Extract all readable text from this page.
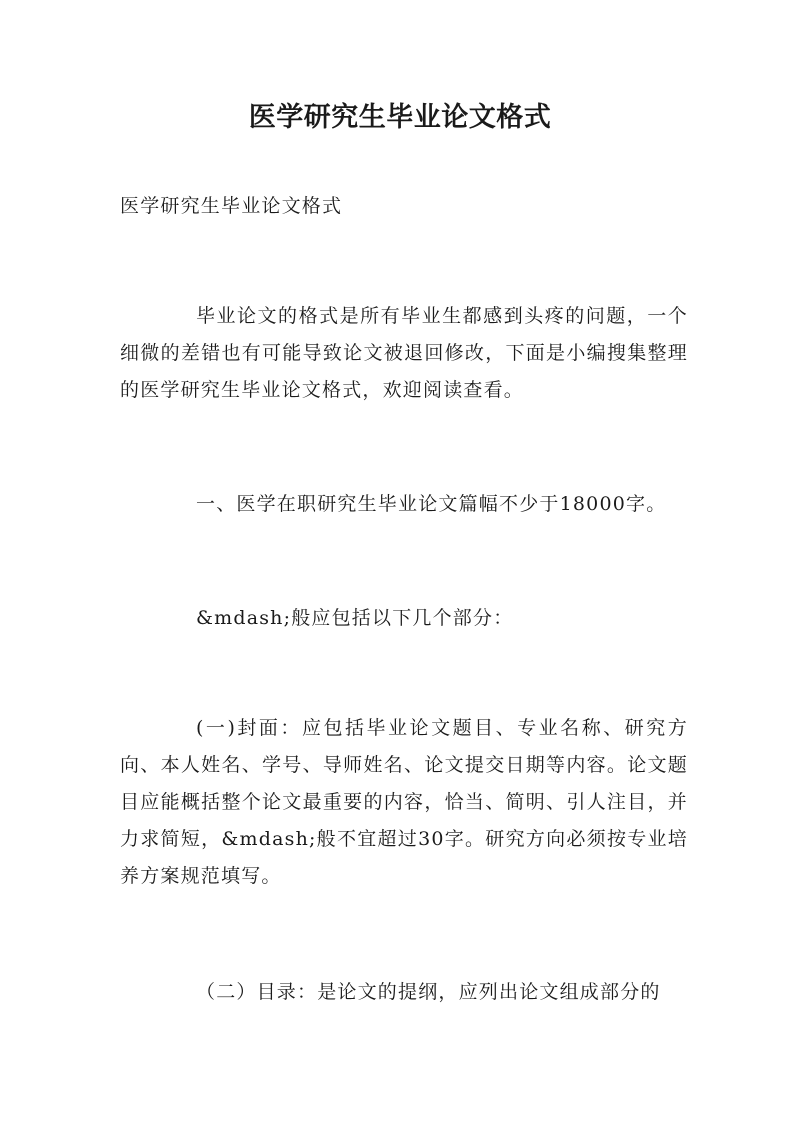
医学研究生毕业论文格式

医学研究生毕业论文格式

毕业论文的格式是所有毕业生都感到头疼的问题，一个细微的差错也有可能导致论文被退回修改，下面是小编搜集整理的医学研究生毕业论文格式，欢迎阅读查看。

一、医学在职研究生毕业论文篇幅不少于18000字。

&mdash;般应包括以下几个部分：

(一)封面：应包括毕业论文题目、专业名称、研究方向、本人姓名、学号、导师姓名、论文提交日期等内容。论文题目应能概括整个论文最重要的内容，恰当、简明、引人注目，并力求简短，&mdash;般不宜超过30字。研究方向必须按专业培养方案规范填写。

（二）目录：是论文的提纲，应列出论文组成部分的
